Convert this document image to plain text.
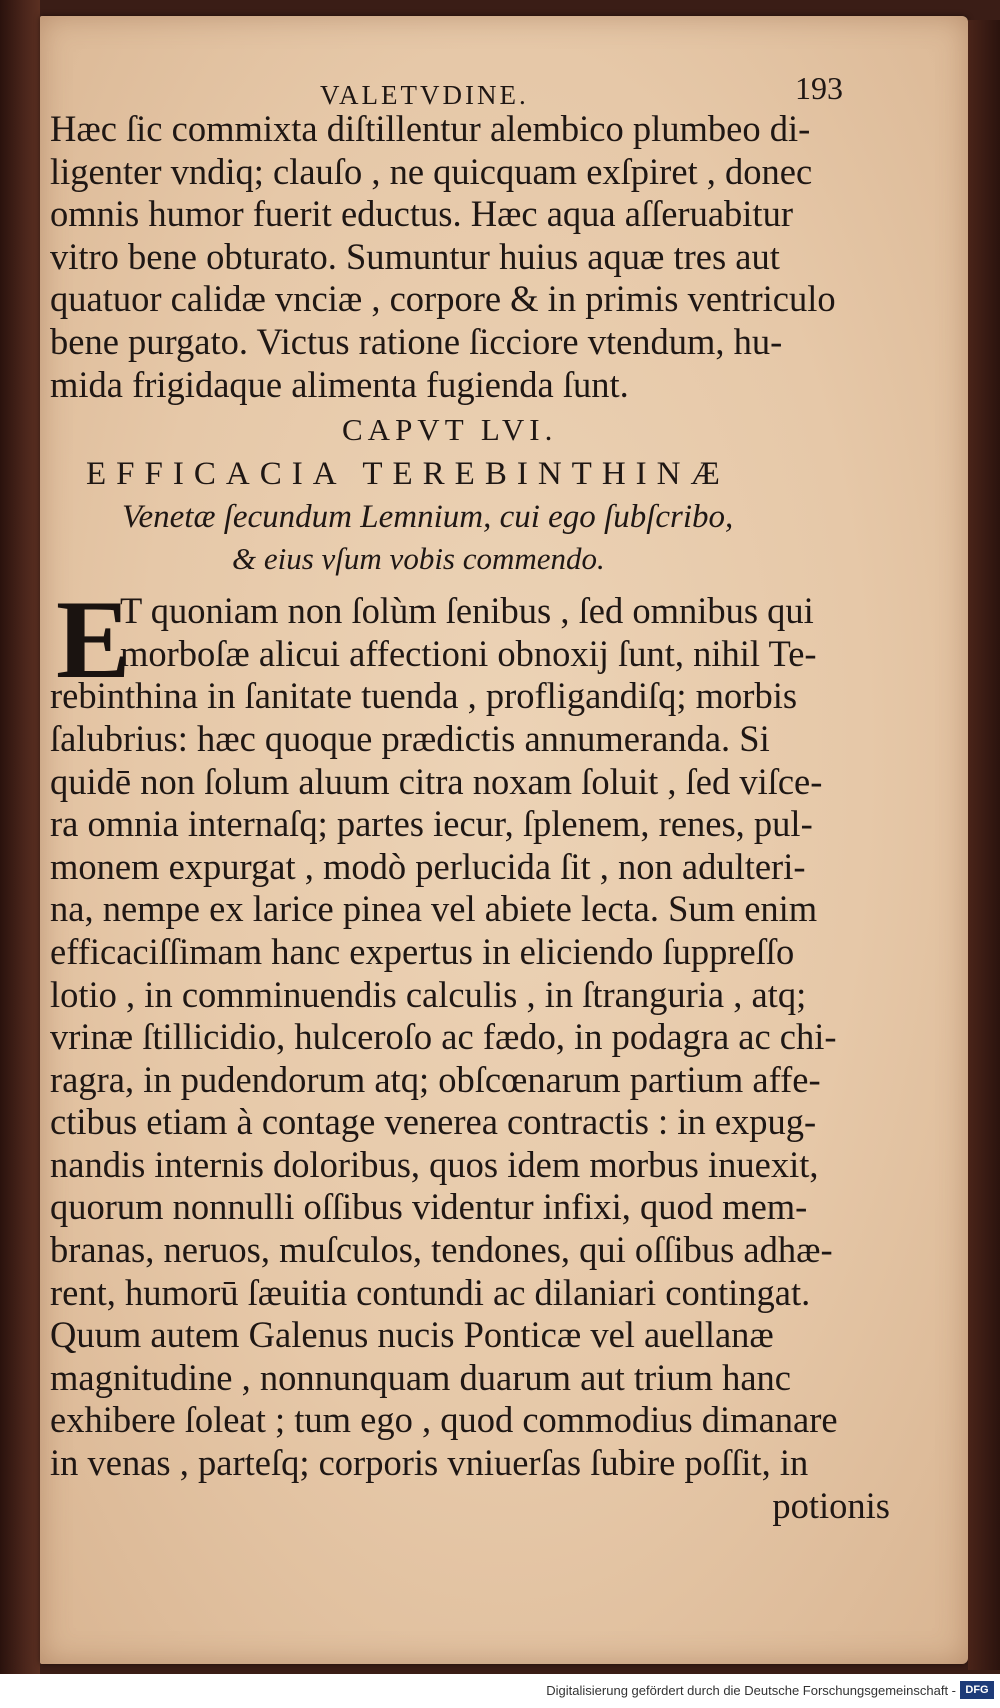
VALETVDINE.	193
Hæc ſic commixta diſtillentur alembico plumbeo di-
ligenter vndiq; clauſo , ne quicquam exſpiret , donec
omnis humor fuerit eductus. Hæc aqua aſſeruabitur
vitro bene obturato. Sumuntur huius aquæ tres aut
quatuor calidæ vnciæ , corpore & in primis ventriculo
bene purgato. Victus ratione ſicciore vtendum, hu-
mida frigidaque alimenta fugienda ſunt.
CAPVT LVI.
EFFICACIA TEREBINTHINÆ
Venetæ ſecundum Lemnium, cui ego ſubſcribo,
& eius vſum vobis commendo.
E
T quoniam non ſolùm ſenibus , ſed omnibus qui
morboſæ alicui affectioni obnoxij ſunt, nihil Te-
rebinthina in ſanitate tuenda , profligandiſq; morbis
ſalubrius: hæc quoque prædictis annumeranda. Si
quidē non ſolum aluum citra noxam ſoluit , ſed viſce-
ra omnia internaſq; partes iecur, ſplenem, renes, pul-
monem expurgat , modò perlucida ſit , non adulteri-
na, nempe ex larice pinea vel abiete lecta. Sum enim
efficaciſſimam hanc expertus in eliciendo ſuppreſſo
lotio , in comminuendis calculis , in ſtranguria , atq;
vrinæ ſtillicidio, hulceroſo ac fædo, in podagra ac chi-
ragra, in pudendorum atq; obſcœnarum partium affe-
ctibus etiam à contage venerea contractis : in expug-
nandis internis doloribus, quos idem morbus inuexit,
quorum nonnulli oſſibus videntur infixi, quod mem-
branas, neruos, muſculos, tendones, qui oſſibus adhæ-
rent, humorū ſæuitia contundi ac dilaniari contingat.
Quum autem Galenus nucis Ponticæ vel auellanæ
magnitudine , nonnunquam duarum aut trium hanc
exhibere ſoleat ; tum ego , quod commodius dimanare
in venas , parteſq; corporis vniuerſas ſubire poſſit, in
potionis
Digitalisierung gefördert durch die Deutsche Forschungsgemeinschaft - DFG
